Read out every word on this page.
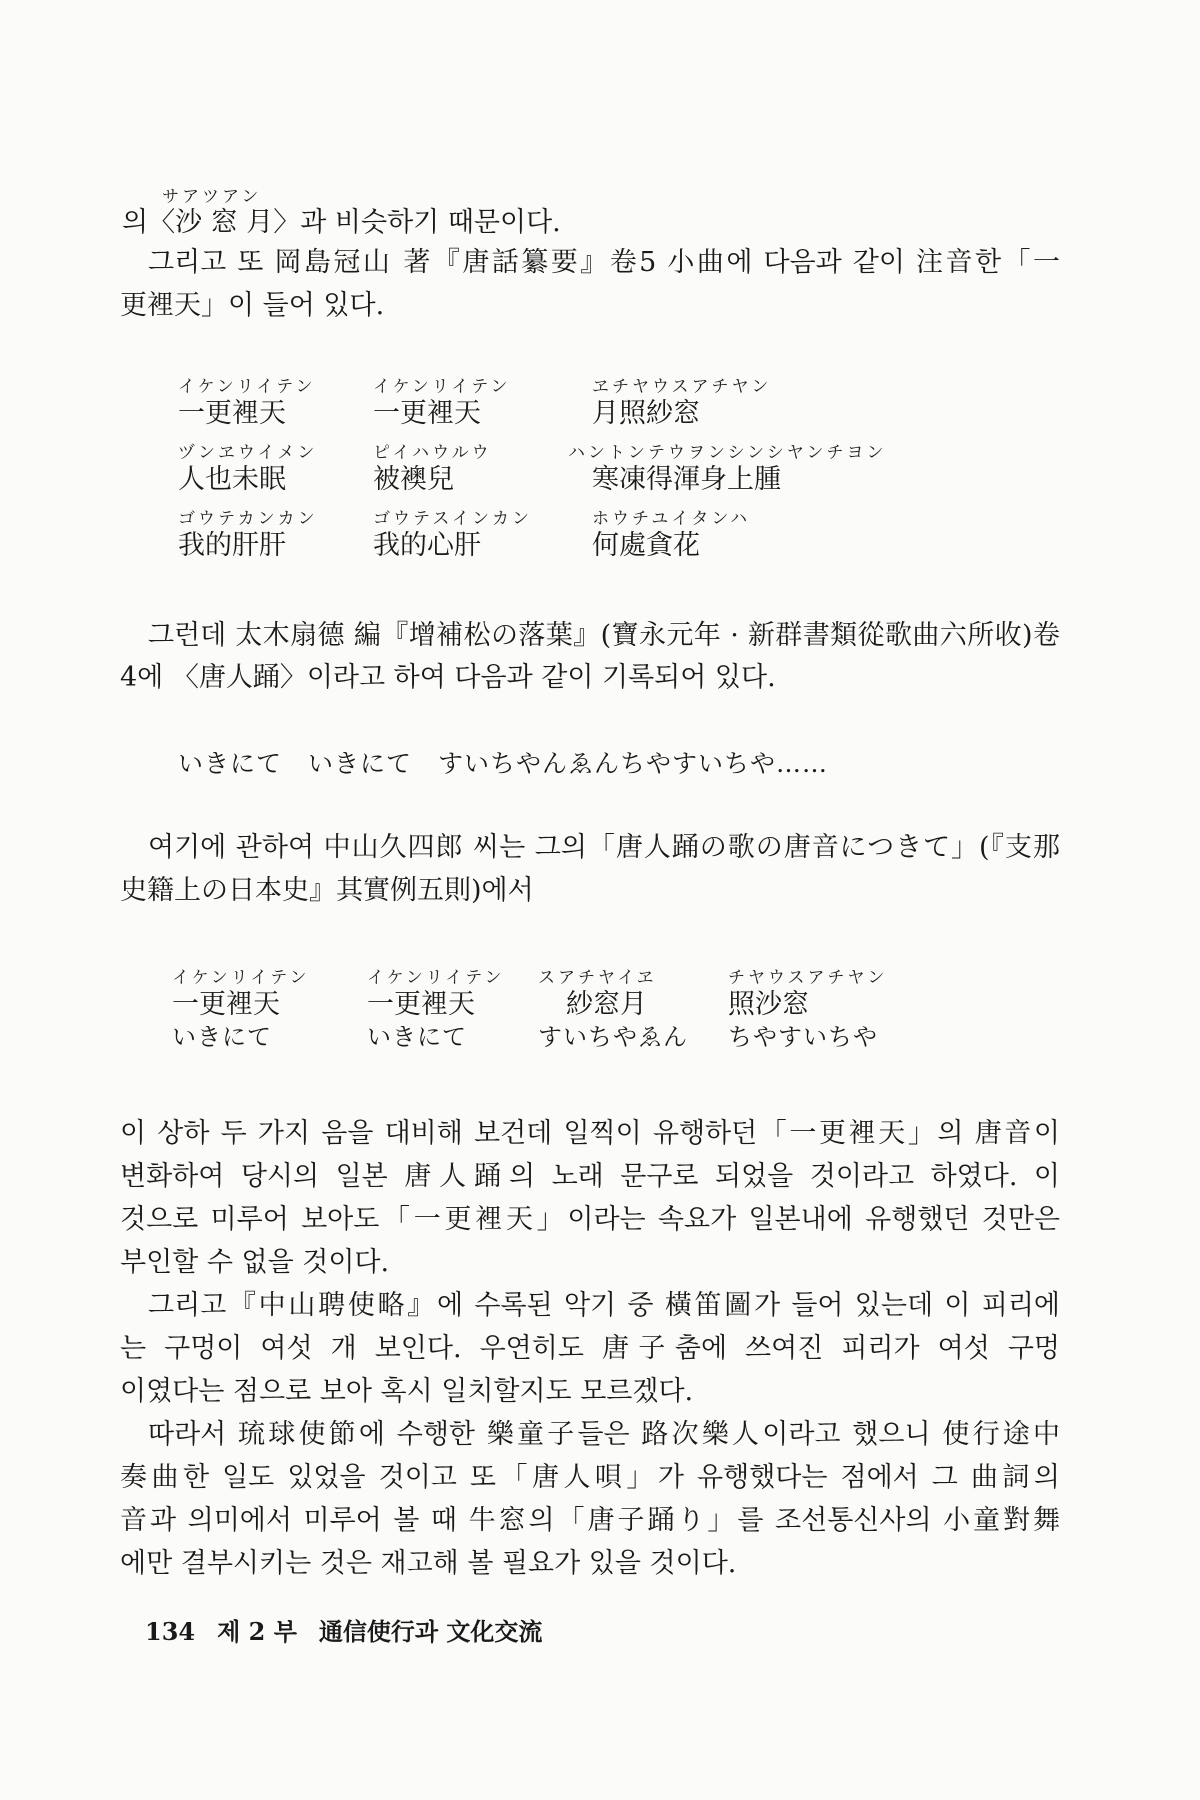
サアツアン
의〈沙 窓 月〉과 비슷하기 때문이다.
그리고 또 岡島冠山 著『唐話纂要』卷5 小曲에 다음과 같이 注音한「一
更裡天」이 들어 있다.
イケンリイテン
一更裡天
イケンリイテン
一更裡天
ヱチヤウスアチヤン
月照紗窓
ヅンヱウイメン
人也未眠
ピイハウルウ
被襖兒
ハントンテウヲンシンシヤンチヨン
寒凍得渾身上腫
ゴウテカンカン
我的肝肝
ゴウテスインカン
我的心肝
ホウチユイタンハ
何處貪花
그런데 太木扇德 編『增補松の落葉』(寶永元年 · 新群書類從歌曲六所收)卷
4에 〈唐人踊〉이라고 하여 다음과 같이 기록되어 있다.
いきにて　いきにて　すいちやんゑんちやすいちや……
여기에 관하여 中山久四郎 씨는 그의「唐人踊の歌の唐音につきて」(『支那
史籍上の日本史』其實例五則)에서
イケンリイテン
一更裡天
いきにて
イケンリイテン
一更裡天
いきにて
スアチヤイヱ
紗窓月
すいちやゑん
チヤウスアチヤン
照沙窓
ちやすいちや
이 상하 두 가지 음을 대비해 보건데 일찍이 유행하던「一更裡天」의 唐音이
변화하여 당시의 일본 唐人踊의 노래 문구로 되었을 것이라고 하였다. 이
것으로 미루어 보아도「一更裡天」이라는 속요가 일본내에 유행했던 것만은
부인할 수 없을 것이다.
그리고『中山聘使略』에 수록된 악기 중 橫笛圖가 들어 있는데 이 피리에
는 구멍이 여섯 개 보인다. 우연히도 唐子춤에 쓰여진 피리가 여섯 구멍
이였다는 점으로 보아 혹시 일치할지도 모르겠다.
따라서 琉球使節에 수행한 樂童子들은 路次樂人이라고 했으니 使行途中
奏曲한 일도 있었을 것이고 또「唐人唄」가 유행했다는 점에서 그 曲詞의
音과 의미에서 미루어 볼 때 牛窓의「唐子踊り」를 조선통신사의 小童對舞
에만 결부시키는 것은 재고해 볼 필요가 있을 것이다.
134 제 2 부 通信使行과 文化交流
